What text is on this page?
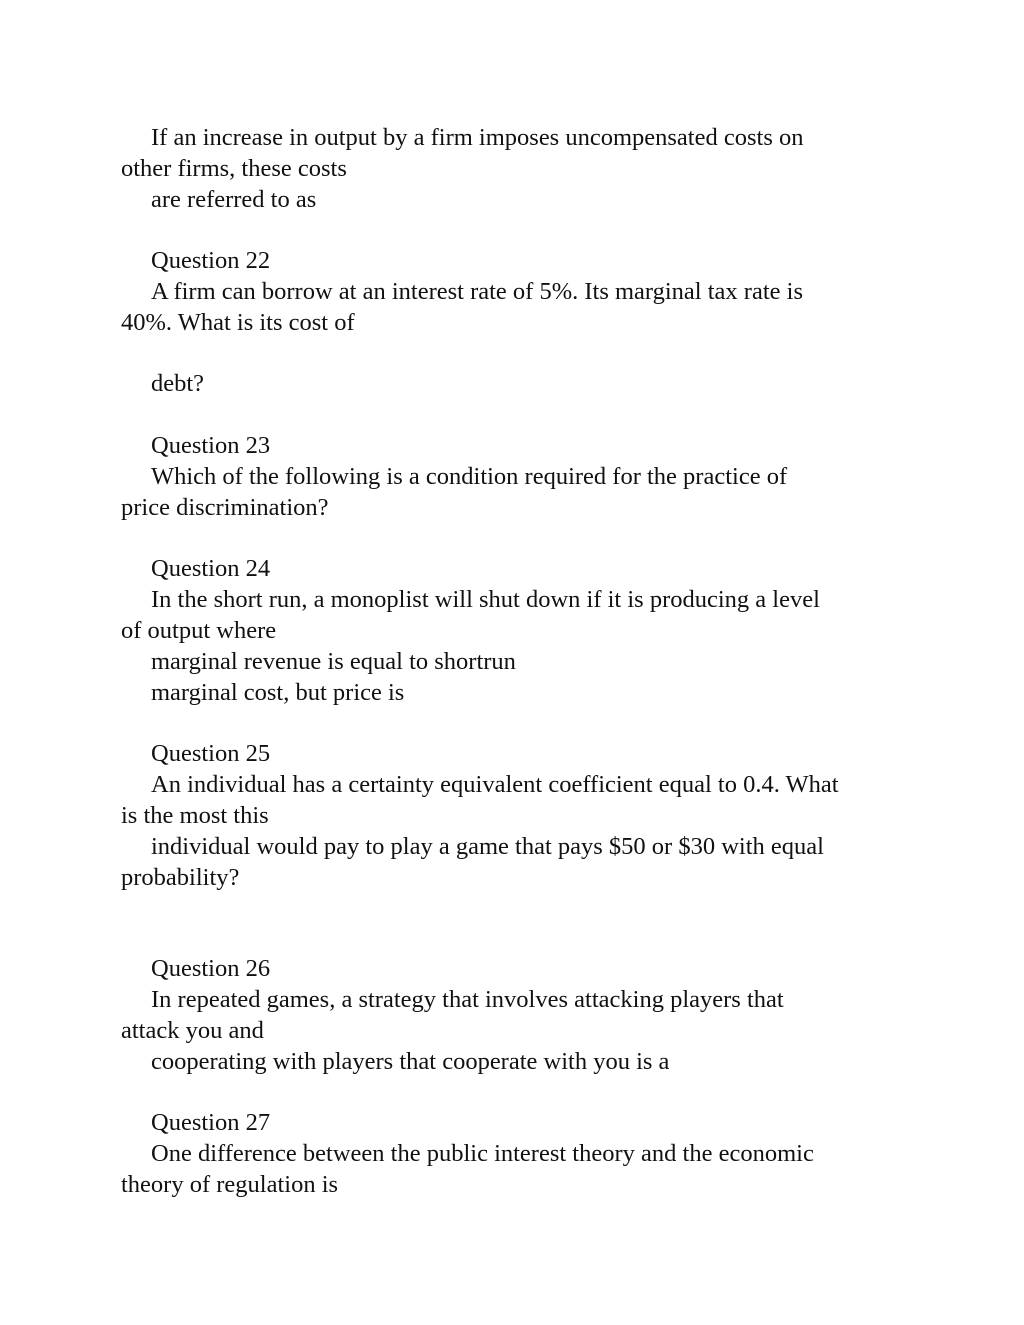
If an increase in output by a firm imposes uncompensated costs on
other firms, these costs
are referred to as
Question 22
A firm can borrow at an interest rate of 5%. Its marginal tax rate is
40%. What is its cost of
debt?
Question 23
Which of the following is a condition required for the practice of
price discrimination?
Question 24
In the short run, a monoplist will shut down if it is producing a level
of output where
marginal revenue is equal to shortrun
marginal cost, but price is
Question 25
An individual has a certainty equivalent coefficient equal to 0.4. What
is the most this
individual would pay to play a game that pays $50 or $30 with equal
probability?
Question 26
In repeated games, a strategy that involves attacking players that
attack you and
cooperating with players that cooperate with you is a
Question 27
One difference between the public interest theory and the economic
theory of regulation is
